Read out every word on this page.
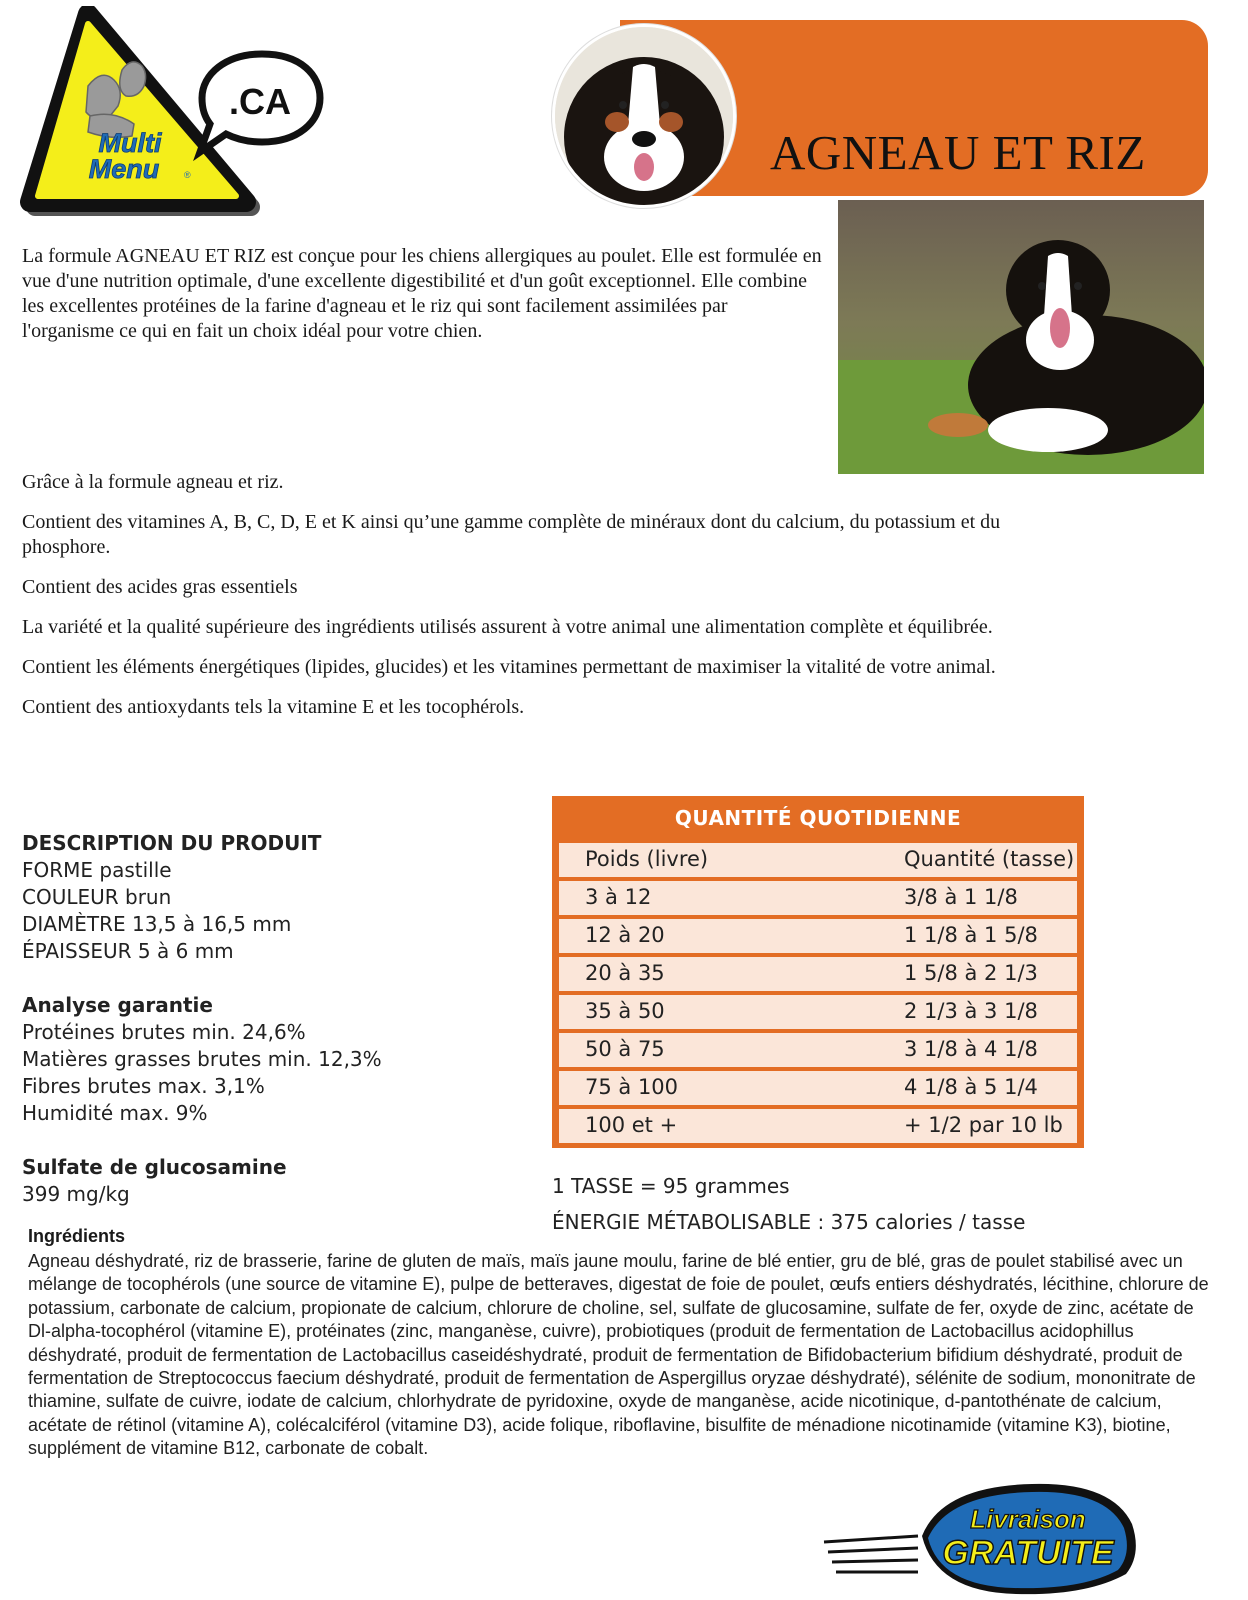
Multi
Menu	®
.CA
AGNEAU ET RIZ

La formule AGNEAU ET RIZ est conçue pour les chiens allergiques au poulet. Elle est formulée en vue d'une nutrition optimale, d'une excellente digestibilité et d'un goût exceptionnel. Elle combine les excellentes protéines de la farine d'agneau et le riz qui sont facilement assimilées par l'organisme ce qui en fait un choix idéal pour votre chien.

Grâce à la formule agneau et riz.
Contient des vitamines A, B, C, D, E et K ainsi qu’une gamme complète de minéraux dont du calcium, du potassium et du phosphore.
Contient des acides gras essentiels
La variété et la qualité supérieure des ingrédients utilisés assurent à votre animal une alimentation complète et équilibrée.
Contient les éléments énergétiques (lipides, glucides) et les vitamines permettant de maximiser la vitalité de votre animal.
Contient des antioxydants tels la vitamine E et les tocophérols.
DESCRIPTION DU PRODUIT
FORME pastille
COULEUR brun
DIAMÈTRE 13,5 à 16,5 mm
ÉPAISSEUR 5 à 6 mm
Analyse garantie
Protéines brutes min. 24,6%
Matières grasses brutes min. 12,3%
Fibres brutes max. 3,1%
Humidité max. 9%
Sulfate de glucosamine
399 mg/kg
QUANTITÉ QUOTIDIENNE
Poids (livre)	Quantité (tasse)
3 à 12	3/8 à 1 1/8
12 à 20	1 1/8 à 1 5/8
20 à 35	1 5/8 à 2 1/3
35 à 50	2 1/3 à 3 1/8
50 à 75	3 1/8 à 4 1/8
75 à 100	4 1/8 à 5 1/4
100 et +	+ 1/2 par 10 lb
1 TASSE = 95 grammes
ÉNERGIE MÉTABOLISABLE : 375 calories / tasse
Ingrédients

Agneau déshydraté, riz de brasserie, farine de gluten de maïs, maïs jaune moulu, farine de blé entier, gru de blé, gras de poulet stabilisé avec un mélange de tocophérols (une source de vitamine E), pulpe de betteraves, digestat de foie de poulet, œufs entiers déshydratés, lécithine, chlorure de potassium, carbonate de calcium, propionate de calcium, chlorure de choline, sel, sulfate de glucosamine, sulfate de fer, oxyde de zinc, acétate de Dl-alpha-tocophérol (vitamine E), protéinates (zinc, manganèse, cuivre), probiotiques (produit de fermentation de Lactobacillus acidophillus déshydraté, produit de fermentation de Lactobacillus caseidéshydraté, produit de fermentation de Bifidobacterium bifidium déshydraté, produit de fermentation de Streptococcus faecium déshydraté, produit de fermentation de Aspergillus oryzae déshydraté), sélénite de sodium, mononitrate de thiamine, sulfate de cuivre, iodate de calcium, chlorhydrate de pyridoxine, oxyde de manganèse, acide nicotinique, d-pantothénate de calcium, acétate de rétinol (vitamine A), colécalciférol (vitamine D3), acide folique, riboflavine, bisulfite de ménadione nicotinamide (vitamine K3), biotine, supplément de vitamine B12, carbonate de cobalt.

Livraison
GRATUITE
